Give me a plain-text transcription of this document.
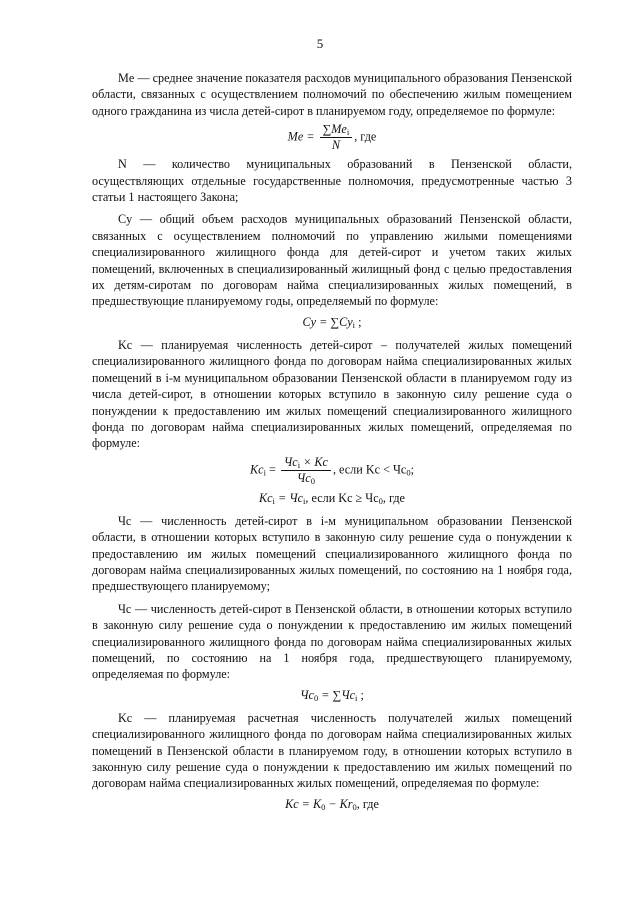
5

Me — среднее значение показателя расходов муниципального образования Пензенской области, связанных с осуществлением полномочий по обеспечению жилым помещением одного гражданина из числа детей-сирот в планируемом году, определяемое по формуле:

$Me = \frac{\sum Me_i}{N}$ , где

N — количество муниципальных образований в Пензенской области, осуществляющих отдельные государственные полномочия, предусмотренные частью 3 статьи 1 настоящего Закона;

Cy — общий объем расходов муниципальных образований Пензенской области, связанных с осуществлением полномочий по управлению жилыми помещениями специализированного жилищного фонда для детей-сирот и учетом таких жилых помещений, включенных в специализированный жилищный фонд с целью предоставления их детям-сиротам по договорам найма специализированных жилых помещений, в предшествующие планируемому годы, определяемый по формуле:

$Cy = \sum Cy_i$ ;

Kc — планируемая численность детей-сирот – получателей жилых помещений специализированного жилищного фонда по договорам найма специализированных жилых помещений в i-м муниципальном образовании Пензенской области в планируемом году из числа детей-сирот, в отношении которых вступило в законную силу решение суда о понуждении к предоставлению им жилых помещений специализированного жилищного фонда по договорам найма специализированных жилых помещений, определяемая по формуле:

$Kc_i = \frac{Чc_i \times Kc}{Чc_0}$ , если $Kc < Чc_0$;
$Kc_i = Чc_i$, если $Kc \ge Чc_0$, где

Чc — численность детей-сирот в i-м муниципальном образовании Пензенской области, в отношении которых вступило в законную силу решение суда о понуждении к предоставлению им жилых помещений специализированного жилищного фонда по договорам найма специализированных жилых помещений, по состоянию на 1 ноября года, предшествующего планируемому;

Чc — численность детей-сирот в Пензенской области, в отношении которых вступило в законную силу решение суда о понуждении к предоставлению им жилых помещений специализированного жилищного фонда по договорам найма специализированных жилых помещений, по состоянию на 1 ноября года, предшествующего планируемому, определяемая по формуле:

$Чc_0 = \sum Чc_i$ ;

Kc — планируемая расчетная численность получателей жилых помещений специализированного жилищного фонда по договорам найма специализированных жилых помещений в Пензенской области в планируемом году, в отношении которых вступило в законную силу решение суда о понуждении к предоставлению им жилых помещений по договорам найма специализированных жилых помещений, определяемая по формуле:

$Kc = K_0 - Kr_0$, где
